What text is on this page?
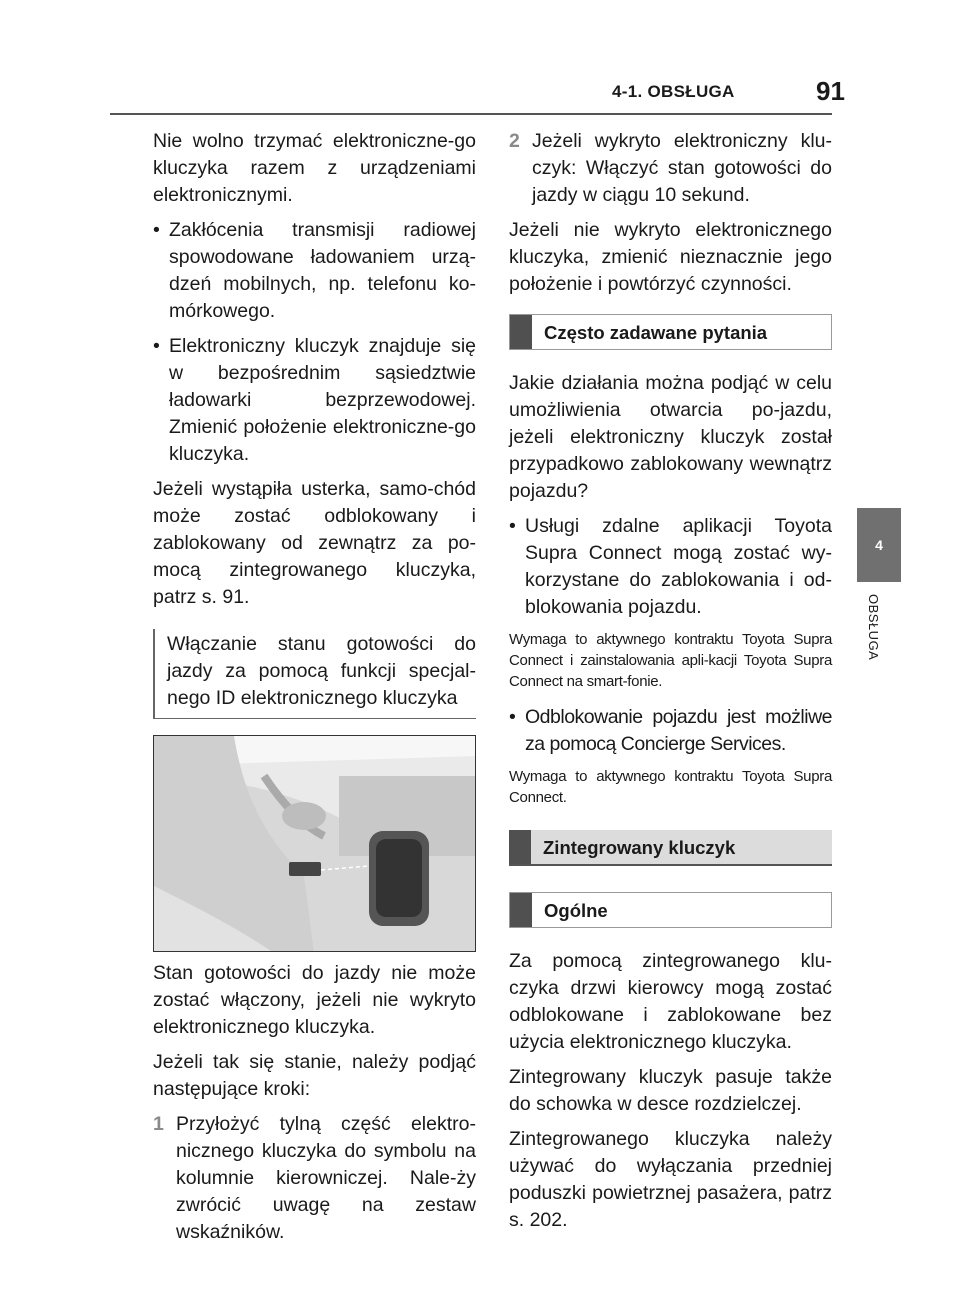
4-1. OBSŁUGA	91
4
OBSŁUGA

Nie wolno trzymać elektroniczne-go kluczyka razem z urządzeniami elektronicznymi.

• Zakłócenia transmisji radiowej spowodowane ładowaniem urzą-dzeń mobilnych, np. telefonu ko-mórkowego.
• Elektroniczny kluczyk znajduje się w bezpośrednim sąsiedztwie ładowarki bezprzewodowej. Zmienić położenie elektroniczne-go kluczyka.

Jeżeli wystąpiła usterka, samo-chód może zostać odblokowany i zablokowany od zewnątrz za po-mocą zintegrowanego kluczyka, patrz s. 91.

Włączanie stanu gotowości do jazdy za pomocą funkcji specjal-nego ID elektronicznego kluczyka

Stan gotowości do jazdy nie może zostać włączony, jeżeli nie wykryto elektronicznego kluczyka.

Jeżeli tak się stanie, należy podjąć następujące kroki:

1 Przyłożyć tylną część elektro-nicznego kluczyka do symbolu na kolumnie kierowniczej. Nale-ży zwrócić uwagę na zestaw wskaźników.
2 Jeżeli wykryto elektroniczny klu-czyk: Włączyć stan gotowości do jazdy w ciągu 10 sekund.

Jeżeli nie wykryto elektronicznego kluczyka, zmienić nieznacznie jego położenie i powtórzyć czynności.

Często zadawane pytania

Jakie działania można podjąć w celu umożliwienia otwarcia po-jazdu, jeżeli elektroniczny kluczyk został przypadkowo zablokowany wewnątrz pojazdu?

• Usługi zdalne aplikacji Toyota Supra Connect mogą zostać wy-korzystane do zablokowania i od-blokowania pojazdu.

Wymaga to aktywnego kontraktu Toyota Supra Connect i zainstalowania apli-kacji Toyota Supra Connect na smart-fonie.

• Odblokowanie pojazdu jest możliwe za pomocą Concierge Services.

Wymaga to aktywnego kontraktu Toyota Supra Connect.

Zintegrowany kluczyk
Ogólne

Za pomocą zintegrowanego klu-czyka drzwi kierowcy mogą zostać odblokowane i zablokowane bez użycia elektronicznego kluczyka.

Zintegrowany kluczyk pasuje także do schowka w desce rozdzielczej.

Zintegrowanego kluczyka należy używać do wyłączania przedniej poduszki powietrznej pasażera, patrz s. 202.
